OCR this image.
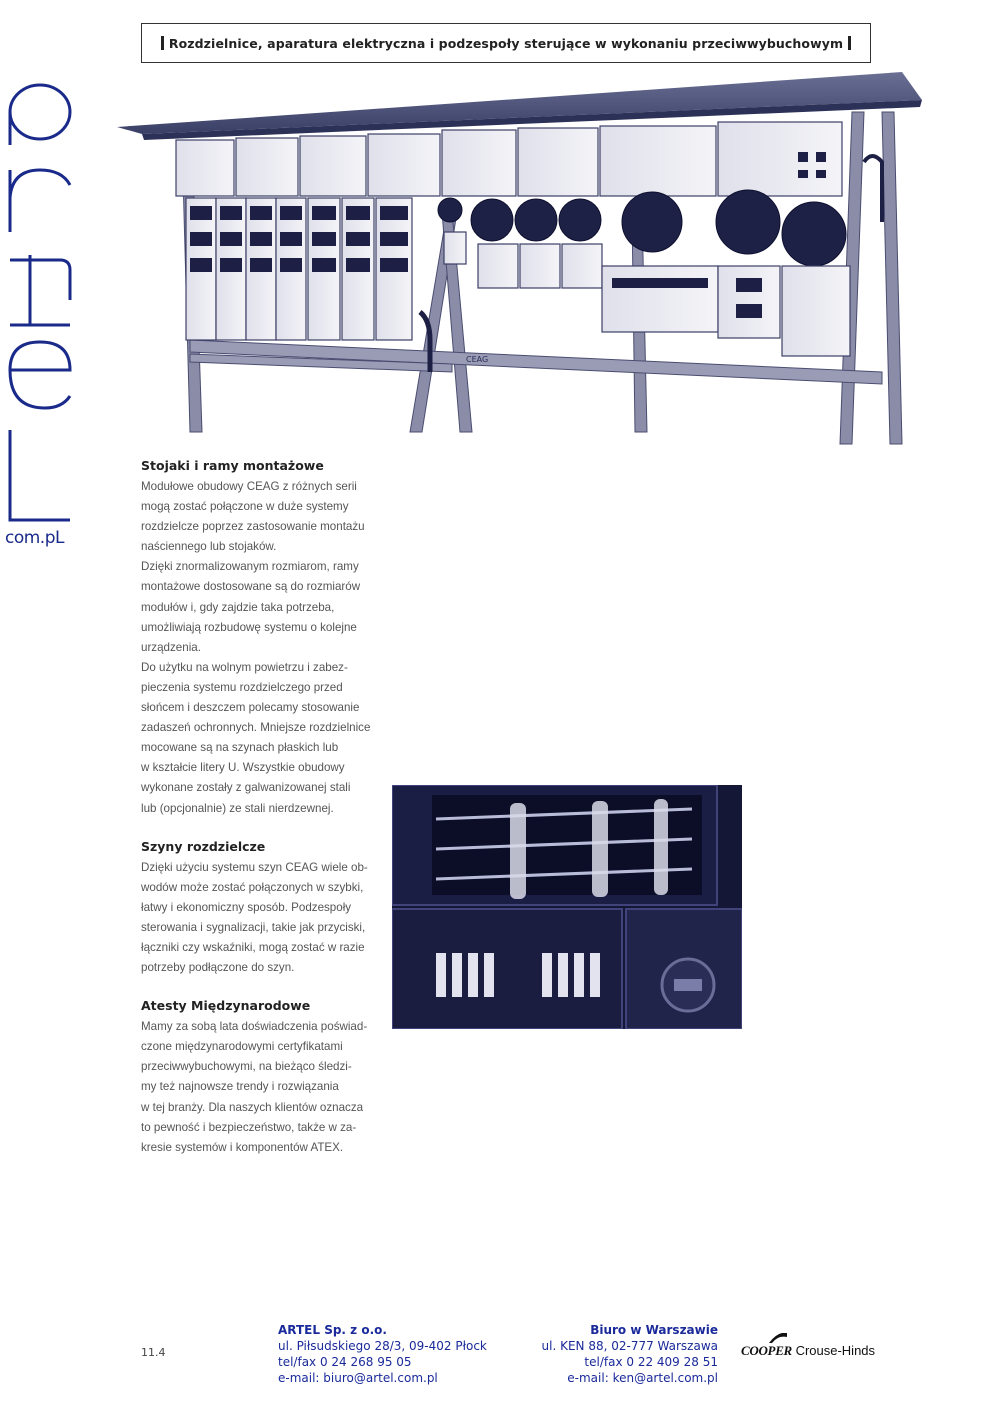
Rozdzielnice, aparatura elektryczna i podzespoły sterujące w wykonaniu przeciwwybuchowym
com.pL
CEAG
Stojaki i ramy montażowe

Modułowe obudowy CEAG z różnych serii
mogą zostać połączone w duże systemy
rozdzielcze poprzez zastosowanie montażu
naściennego lub stojaków.
Dzięki znormalizowanym rozmiarom, ramy
montażowe dostosowane są do rozmiarów
modułów i, gdy zajdzie taka potrzeba,
umożliwiają rozbudowę systemu o kolejne
urządzenia.
Do użytku na wolnym powietrzu i zabez-
pieczenia systemu rozdzielczego przed
słońcem i deszczem polecamy stosowanie
zadaszeń ochronnych. Mniejsze rozdzielnice
mocowane są na szynach płaskich lub
w kształcie litery U. Wszystkie obudowy
wykonane zostały z galwanizowanej stali
lub (opcjonalnie) ze stali nierdzewnej.

Szyny rozdzielcze

Dzięki użyciu systemu szyn CEAG wiele ob-
wodów może zostać połączonych w szybki,
łatwy i ekonomiczny sposób. Podzespoły
sterowania i sygnalizacji, takie jak przyciski,
łączniki czy wskaźniki, mogą zostać w razie
potrzeby podłączone do szyn.

Atesty Międzynarodowe

Mamy za sobą lata doświadczenia poświad-
czone międzynarodowymi certyfikatami
przeciwwybuchowymi, na bieżąco śledzi-
my też najnowsze trendy i rozwiązania
w tej branży. Dla naszych klientów oznacza
to pewność i bezpieczeństwo, także w za-
kresie systemów i komponentów ATEX.

11.4
ARTEL Sp. z o.o.
ul. Piłsudskiego 28/3, 09-402 Płock
tel/fax 0 24 268 95 05
e-mail: biuro@artel.com.pl
Biuro w Warszawie
ul. KEN 88, 02-777 Warszawa
tel/fax 0 22 409 28 51
e-mail: ken@artel.com.pl
COOPER Crouse-Hinds
